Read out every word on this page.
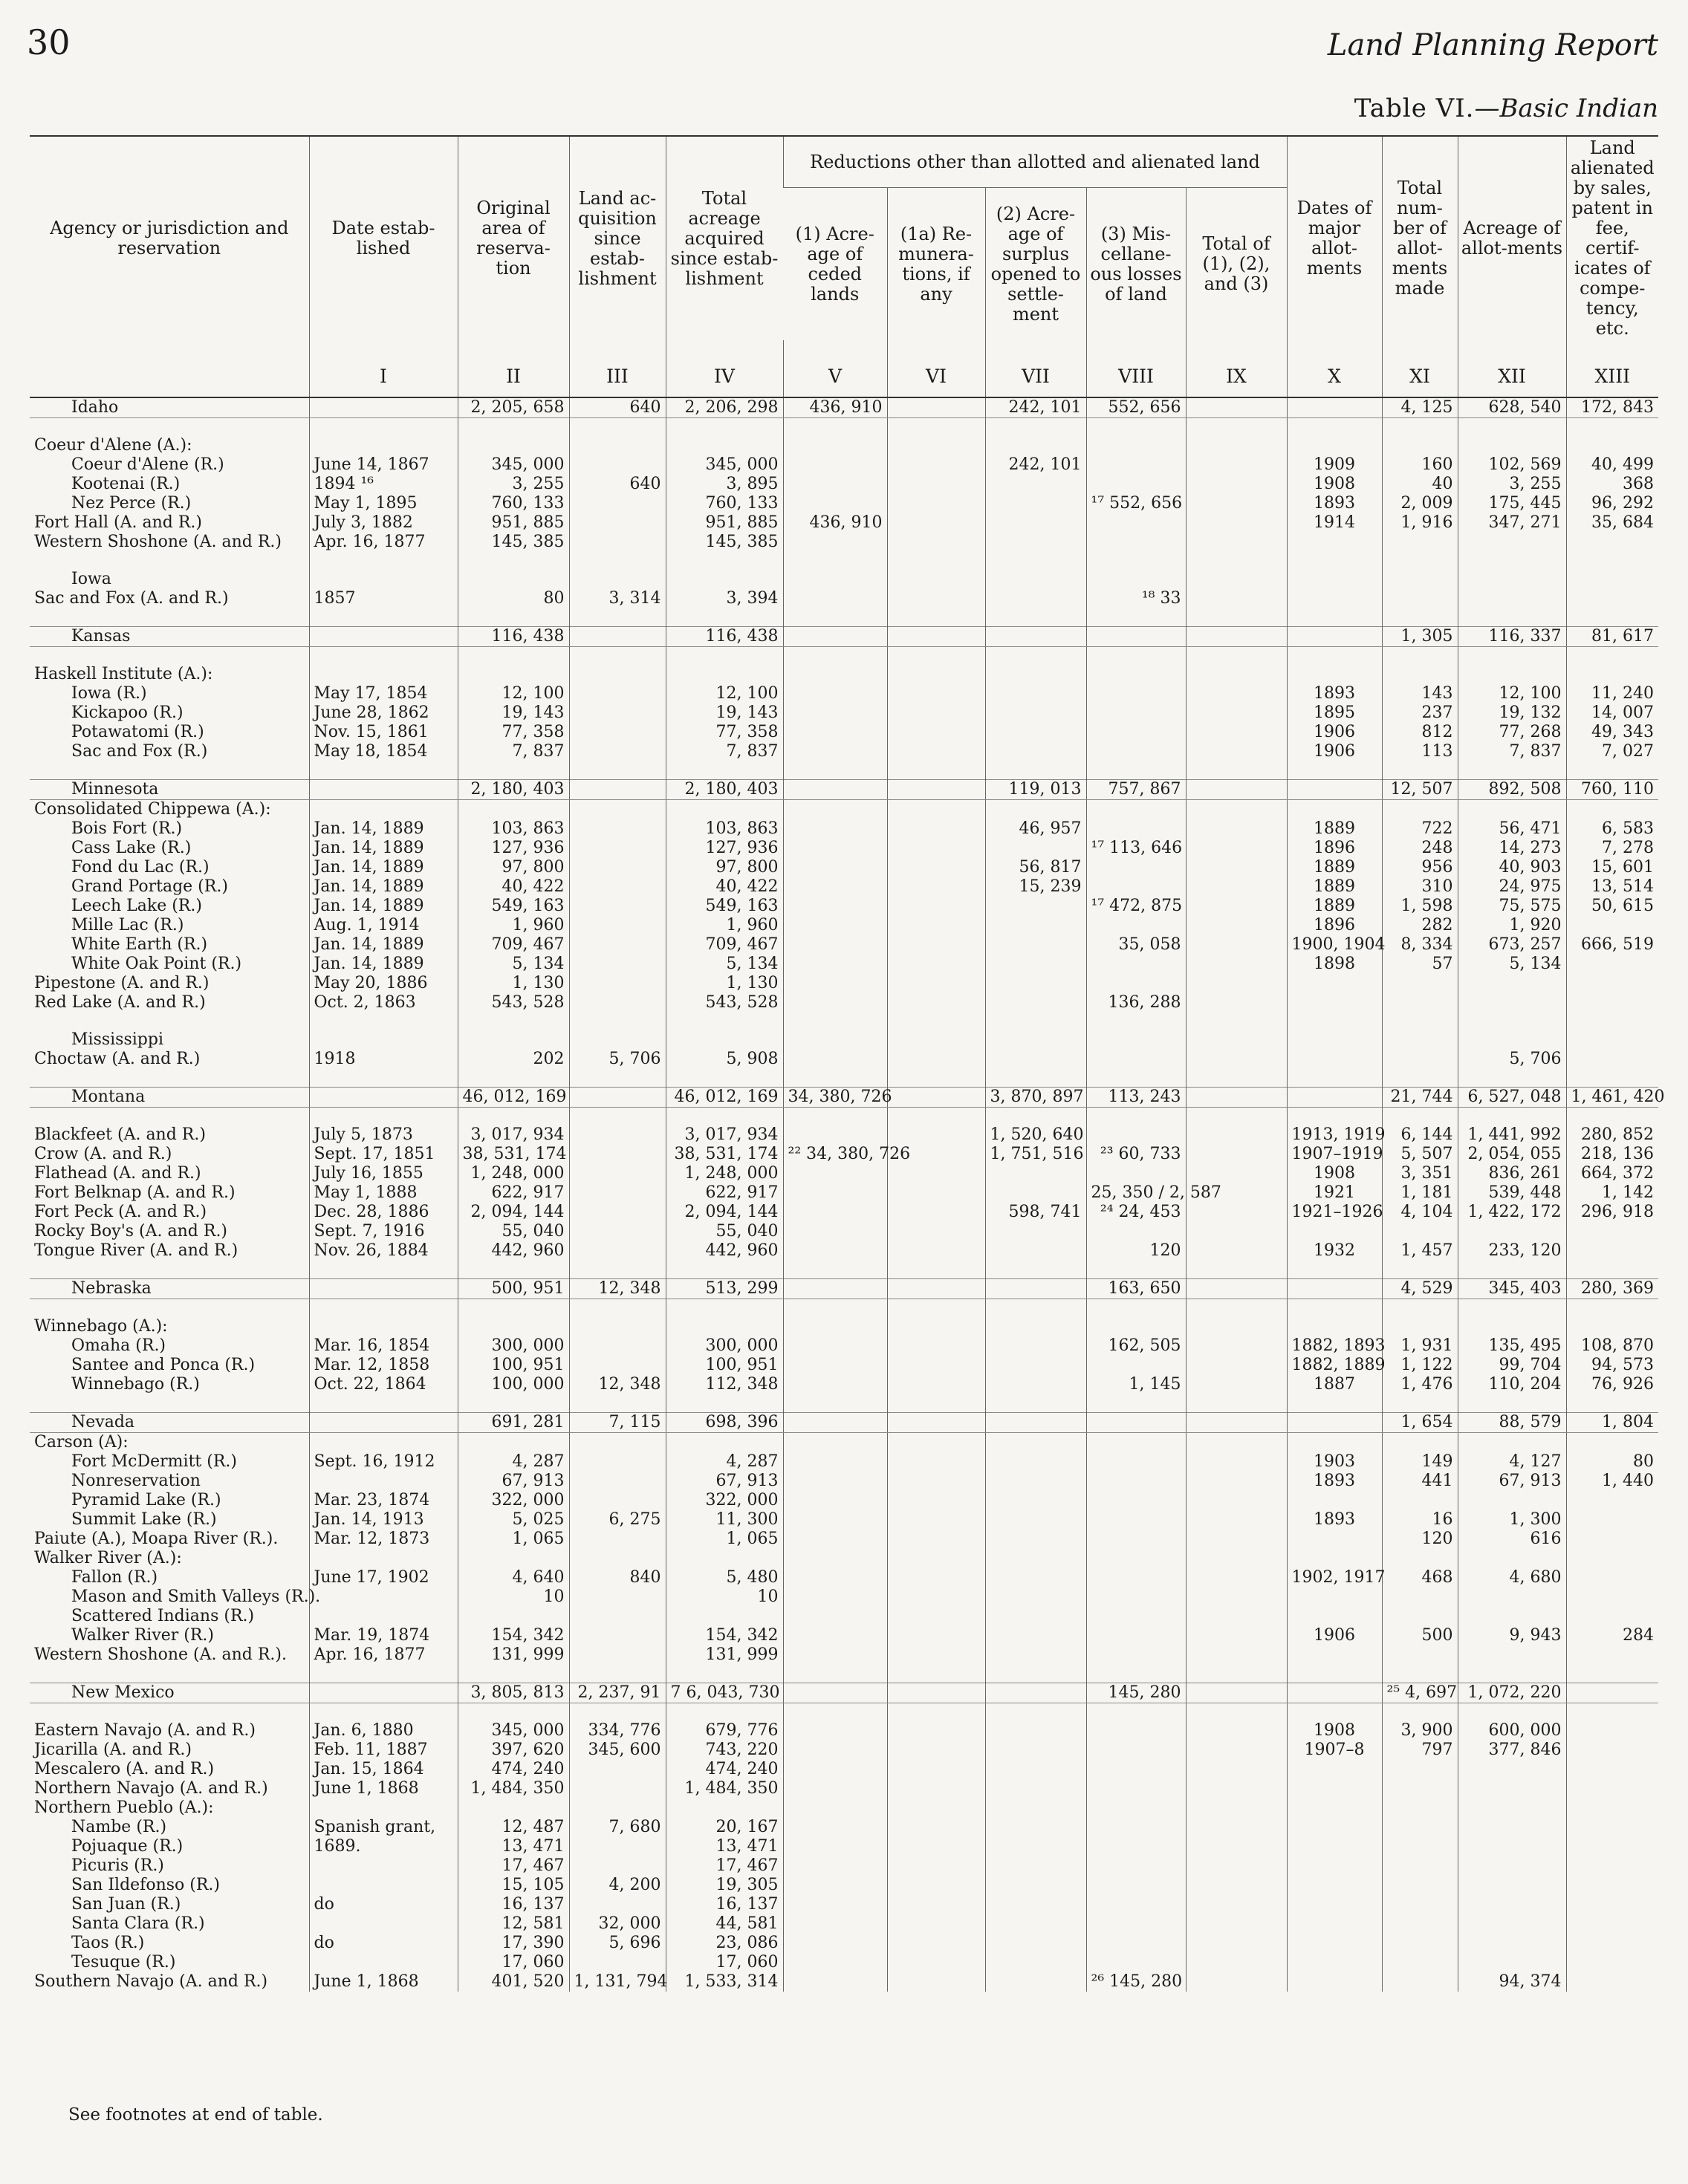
30	Land Planning Report
Table VI.—Basic Indian
Agency or jurisdiction and reservation	Date estab-lished	Original area of reserva-tion	Land ac-quisition since estab-lishment	Total acreage acquired since estab-lishment	Reductions other than allotted and alienated land					Dates of major allot-ments	Total num-ber of allot-ments made	Acreage of allot-ments	Land alienated by sales, patent in fee, certif-icates of compe-tency, etc.
					(1) Acre-age of ceded lands	(1a) Re-munera-tions, if any	(2) Acre-age of surplus opened to settle-ment	(3) Mis-cellane-ous losses of land	Total of (1), (2), and (3)				
	I	II	III	IV	V	VI	VII	VIII	IX	X	XI	XII	XIII
Idaho		2, 205, 658	640	2, 206, 298	436, 910		242, 101	552, 656			4, 125	628, 540	172, 843

Coeur d'Alene (A.):													
Coeur d'Alene (R.)	June 14, 1867	345, 000		345, 000			242, 101			1909	160	102, 569	40, 499
Kootenai (R.)	1894 ¹⁶	3, 255	640	3, 895						1908	40	3, 255	368
Nez Perce (R.)	May 1, 1895	760, 133		760, 133				¹⁷ 552, 656		1893	2, 009	175, 445	96, 292
Fort Hall (A. and R.)	July 3, 1882	951, 885		951, 885	436, 910					1914	1, 916	347, 271	35, 684
Western Shoshone (A. and R.)	Apr. 16, 1877	145, 385		145, 385									

Iowa													
Sac and Fox (A. and R.)	1857	80	3, 314	3, 394				¹⁸ 33					

Kansas		116, 438		116, 438							1, 305	116, 337	81, 617

Haskell Institute (A.):													
Iowa (R.)	May 17, 1854	12, 100		12, 100						1893	143	12, 100	11, 240
Kickapoo (R.)	June 28, 1862	19, 143		19, 143						1895	237	19, 132	14, 007
Potawatomi (R.)	Nov. 15, 1861	77, 358		77, 358						1906	812	77, 268	49, 343
Sac and Fox (R.)	May 18, 1854	7, 837		7, 837						1906	113	7, 837	7, 027

Minnesota		2, 180, 403		2, 180, 403			119, 013	757, 867			12, 507	892, 508	760, 110
Consolidated Chippewa (A.):													
Bois Fort (R.)	Jan. 14, 1889	103, 863		103, 863			46, 957			1889	722	56, 471	6, 583
Cass Lake (R.)	Jan. 14, 1889	127, 936		127, 936				¹⁷ 113, 646		1896	248	14, 273	7, 278
Fond du Lac (R.)	Jan. 14, 1889	97, 800		97, 800			56, 817			1889	956	40, 903	15, 601
Grand Portage (R.)	Jan. 14, 1889	40, 422		40, 422			15, 239			1889	310	24, 975	13, 514
Leech Lake (R.)	Jan. 14, 1889	549, 163		549, 163				¹⁷ 472, 875		1889	1, 598	75, 575	50, 615
Mille Lac (R.)	Aug. 1, 1914	1, 960		1, 960						1896	282	1, 920	
White Earth (R.)	Jan. 14, 1889	709, 467		709, 467				35, 058		1900, 1904	8, 334	673, 257	666, 519
White Oak Point (R.)	Jan. 14, 1889	5, 134		5, 134						1898	57	5, 134	
Pipestone (A. and R.)	May 20, 1886	1, 130		1, 130									
Red Lake (A. and R.)	Oct. 2, 1863	543, 528		543, 528				136, 288					

Mississippi													
Choctaw (A. and R.)	1918	202	5, 706	5, 908								5, 706	

Montana		46, 012, 169		46, 012, 169	34, 380, 726		3, 870, 897	113, 243			21, 744	6, 527, 048	1, 461, 420

Blackfeet (A. and R.)	July 5, 1873	3, 017, 934		3, 017, 934			1, 520, 640			1913, 1919	6, 144	1, 441, 992	280, 852
Crow (A. and R.)	Sept. 17, 1851	38, 531, 174		38, 531, 174	²² 34, 380, 726		1, 751, 516	²³ 60, 733		1907–1919	5, 507	2, 054, 055	218, 136
Flathead (A. and R.)	July 16, 1855	1, 248, 000		1, 248, 000						1908	3, 351	836, 261	664, 372
Fort Belknap (A. and R.)	May 1, 1888	622, 917		622, 917				25, 350 / 2, 587		1921	1, 181	539, 448	1, 142
Fort Peck (A. and R.)	Dec. 28, 1886	2, 094, 144		2, 094, 144			598, 741	²⁴ 24, 453		1921–1926	4, 104	1, 422, 172	296, 918
Rocky Boy's (A. and R.)	Sept. 7, 1916	55, 040		55, 040									
Tongue River (A. and R.)	Nov. 26, 1884	442, 960		442, 960				120		1932	1, 457	233, 120	

Nebraska		500, 951	12, 348	513, 299				163, 650			4, 529	345, 403	280, 369

Winnebago (A.):													
Omaha (R.)	Mar. 16, 1854	300, 000		300, 000				162, 505		1882, 1893	1, 931	135, 495	108, 870
Santee and Ponca (R.)	Mar. 12, 1858	100, 951		100, 951						1882, 1889	1, 122	99, 704	94, 573
Winnebago (R.)	Oct. 22, 1864	100, 000	12, 348	112, 348				1, 145		1887	1, 476	110, 204	76, 926

Nevada		691, 281	7, 115	698, 396							1, 654	88, 579	1, 804
Carson (A):													
Fort McDermitt (R.)	Sept. 16, 1912	4, 287		4, 287						1903	149	4, 127	80
Nonreservation		67, 913		67, 913						1893	441	67, 913	1, 440
Pyramid Lake (R.)	Mar. 23, 1874	322, 000		322, 000									
Summit Lake (R.)	Jan. 14, 1913	5, 025	6, 275	11, 300						1893	16	1, 300	
Paiute (A.), Moapa River (R.).	Mar. 12, 1873	1, 065		1, 065							120	616	
Walker River (A.):													
Fallon (R.)	June 17, 1902	4, 640	840	5, 480						1902, 1917	468	4, 680	
Mason and Smith Valleys (R.).		10		10									
Scattered Indians (R.)													
Walker River (R.)	Mar. 19, 1874	154, 342		154, 342						1906	500	9, 943	284
Western Shoshone (A. and R.).	Apr. 16, 1877	131, 999		131, 999									

New Mexico		3, 805, 813	2, 237, 91	7 6, 043, 730				145, 280			²⁵ 4, 697	1, 072, 220	

Eastern Navajo (A. and R.)	Jan. 6, 1880	345, 000	334, 776	679, 776						1908	3, 900	600, 000	
Jicarilla (A. and R.)	Feb. 11, 1887	397, 620	345, 600	743, 220						1907–8	797	377, 846	
Mescalero (A. and R.)	Jan. 15, 1864	474, 240		474, 240									
Northern Navajo (A. and R.)	June 1, 1868	1, 484, 350		1, 484, 350									
Northern Pueblo (A.):													
Nambe (R.)	Spanish grant,	12, 487	7, 680	20, 167									
Pojuaque (R.)	1689.	13, 471		13, 471									
Picuris (R.)		17, 467		17, 467									
San Ildefonso (R.)		15, 105	4, 200	19, 305									
San Juan (R.)	do	16, 137		16, 137									
Santa Clara (R.)		12, 581	32, 000	44, 581									
Taos (R.)	do	17, 390	5, 696	23, 086									
Tesuque (R.)		17, 060		17, 060									
Southern Navajo (A. and R.)	June 1, 1868	401, 520	1, 131, 794	1, 533, 314				²⁶ 145, 280				94, 374	
See footnotes at end of table.
